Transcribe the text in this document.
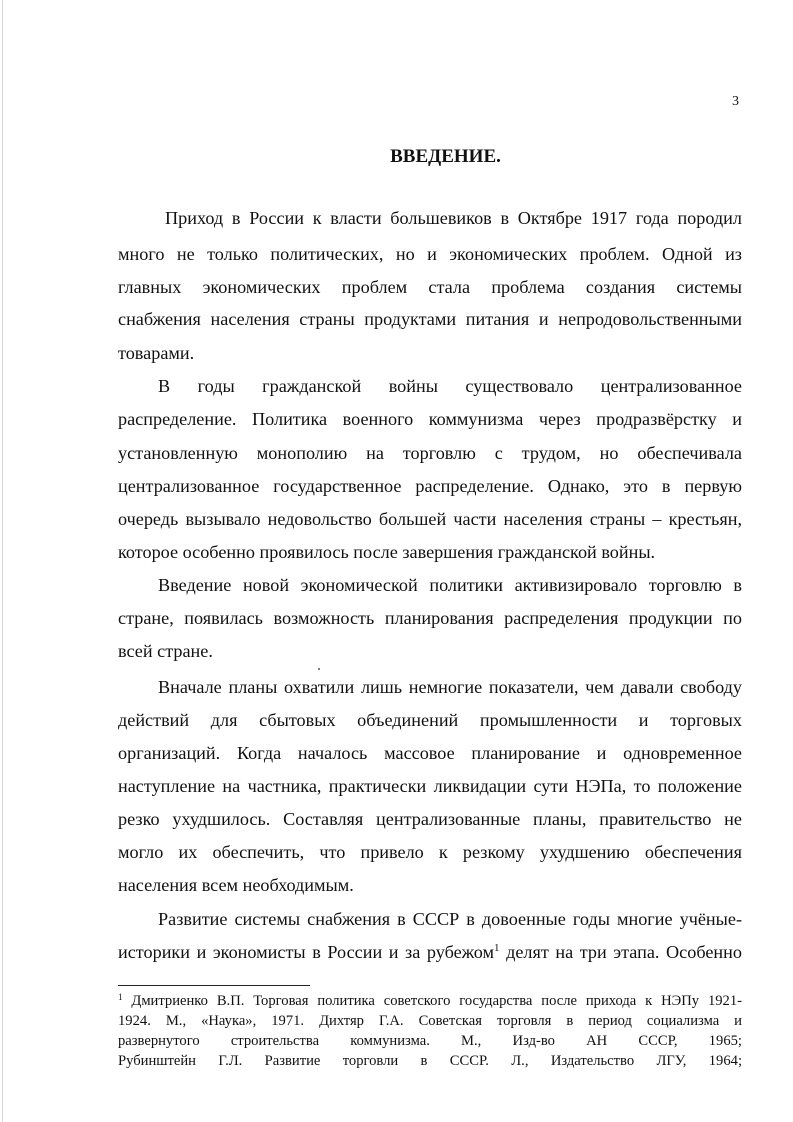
3
ВВЕДЕНИЕ.
Приход в России к власти большевиков в Октябре 1917 года породил
много не только политических, но и экономических проблем. Одной из
главных экономических проблем стала проблема создания системы
снабжения населения страны продуктами питания и непродовольственными
товарами.
В годы гражданской войны существовало централизованное
распределение. Политика военного коммунизма через продразвёрстку и
установленную монополию на торговлю с трудом, но обеспечивала
централизованное государственное распределение. Однако, это в первую
очередь вызывало недовольство большей части населения страны – крестьян,
которое особенно проявилось после завершения гражданской войны.
Введение новой экономической политики активизировало торговлю в
стране, появилась возможность планирования распределения продукции по
всей стране.
Вначале планы охватили лишь немногие показатели, чем давали свободу
действий для сбытовых объединений промышленности и торговых
организаций. Когда началось массовое планирование и одновременное
наступление на частника, практически ликвидации сути НЭПа, то положение
резко ухудшилось. Составляя централизованные планы, правительство не
могло их обеспечить, что привело к резкому ухудшению обеспечения
населения всем необходимым.
Развитие системы снабжения в СССР в довоенные годы многие учёные-
историки и экономисты в России и за рубежом$^1$ делят на три этапа. Особенно
$^1$ Дмитриенко В.П. Торговая политика советского государства после прихода к НЭПу 1921-
1924. М., «Наука», 1971. Дихтяр Г.А. Советская торговля в период социализма и
развернутого строительства коммунизма. М., Изд-во АН СССР, 1965;
Рубинштейн Г.Л. Развитие торговли в СССР. Л., Издательство ЛГУ, 1964;
